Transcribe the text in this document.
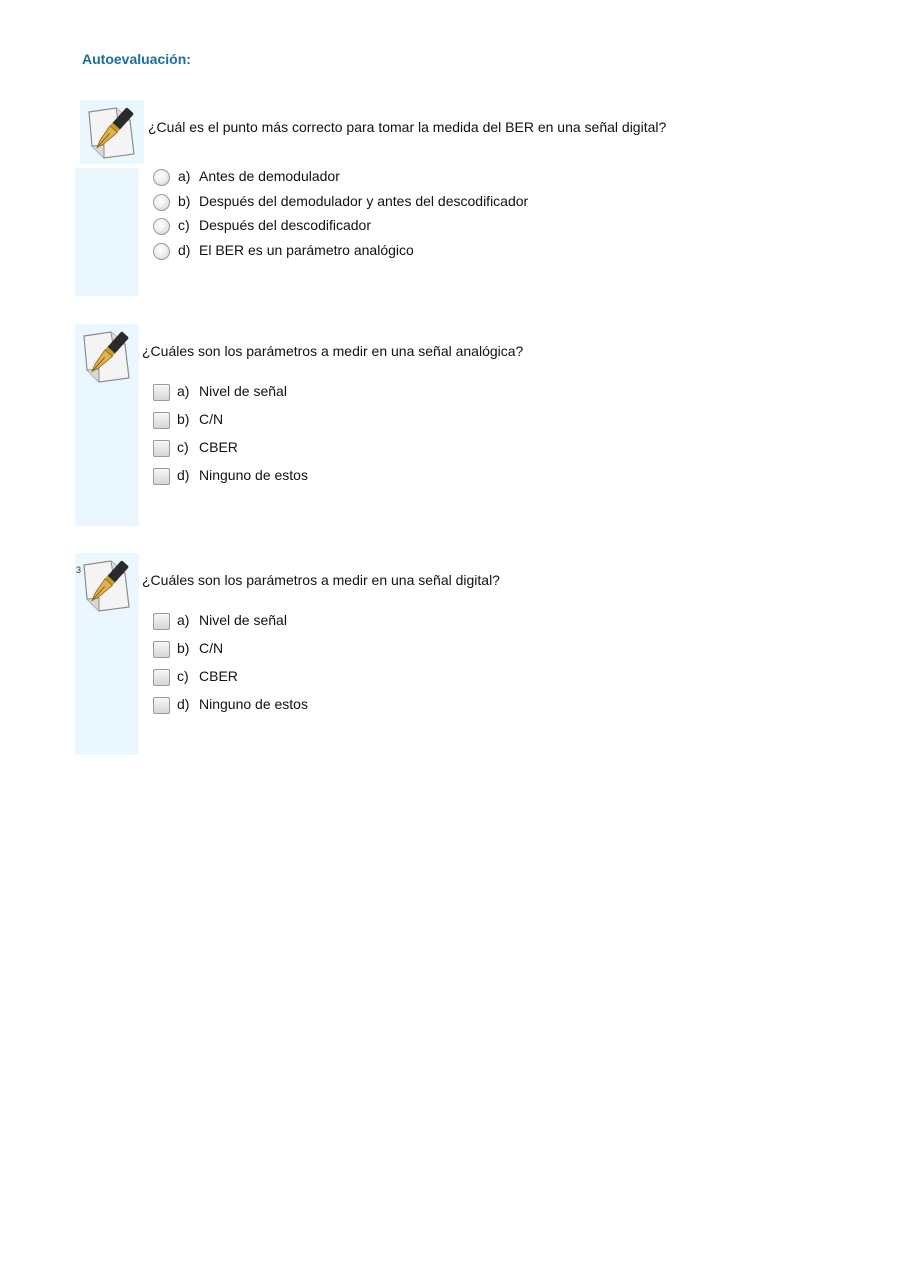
Autoevaluación:

¿Cuál es el punto más correcto para tomar la medida del BER en una señal digital?

a) Antes de demodulador
b) Después del demodulador y antes del descodificador
c) Después del descodificador
d) El BER es un parámetro analógico

¿Cuáles son los parámetros a medir en una señal analógica?

a) Nivel de señal
b) C/N
c) CBER
d) Ninguno de estos
3

¿Cuáles son los parámetros a medir en una señal digital?

a) Nivel de señal
b) C/N
c) CBER
d) Ninguno de estos
